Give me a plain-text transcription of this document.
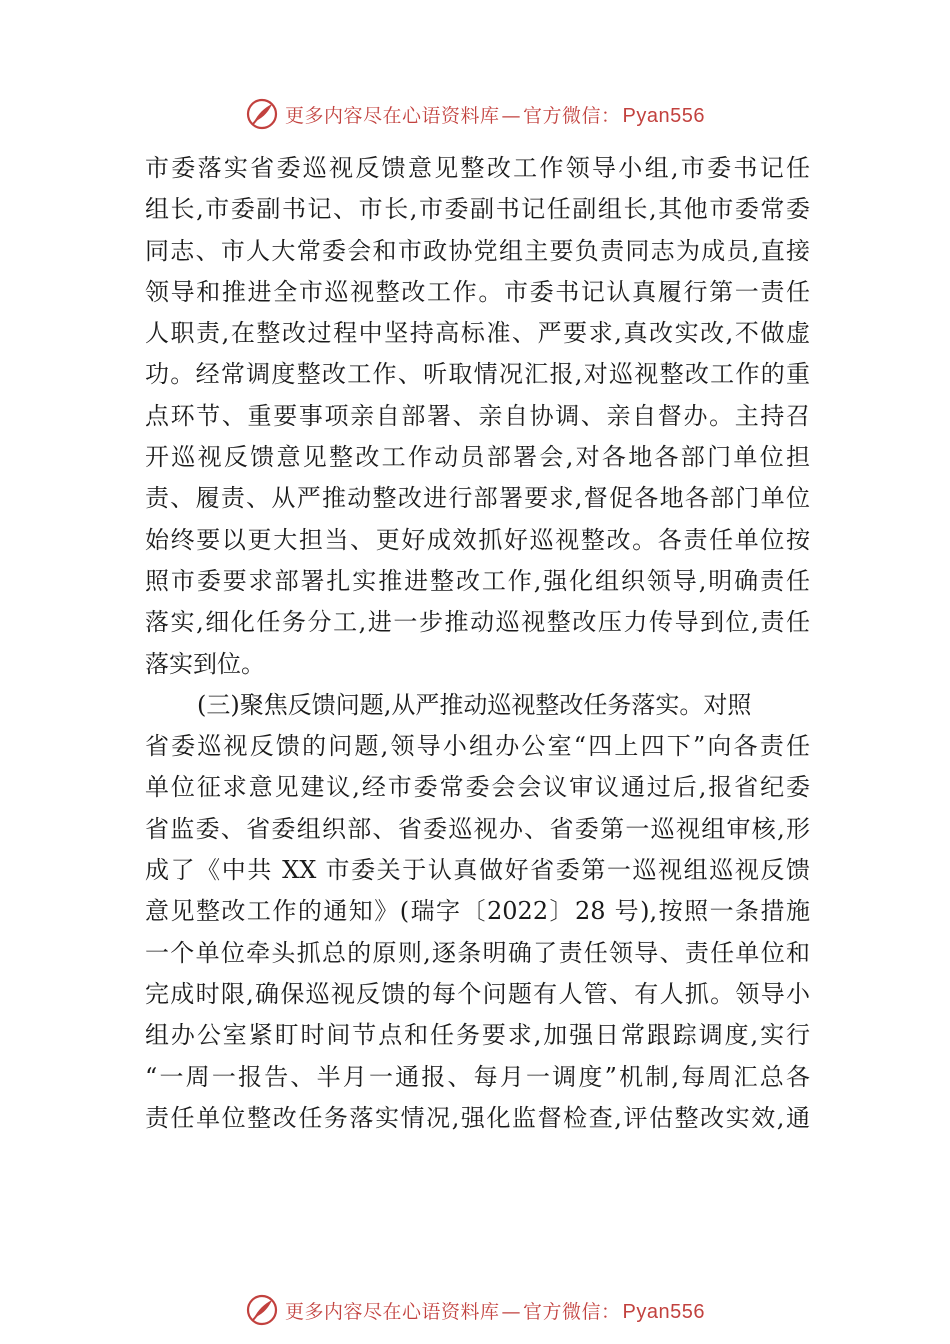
更多内容尽在心语资料库 — 官方微信： Pyan556
市委落实省委巡视反馈意见整改工作领导小组,市委书记任
组长,市委副书记、市长,市委副书记任副组长,其他市委常委
同志、市人大常委会和市政协党组主要负责同志为成员,直接
领导和推进全市巡视整改工作。市委书记认真履行第一责任
人职责,在整改过程中坚持高标准、严要求,真改实改,不做虚
功。经常调度整改工作、听取情况汇报,对巡视整改工作的重
点环节、重要事项亲自部署、亲自协调、亲自督办。主持召
开巡视反馈意见整改工作动员部署会,对各地各部门单位担
责、履责、从严推动整改进行部署要求,督促各地各部门单位
始终要以更大担当、更好成效抓好巡视整改。各责任单位按
照市委要求部署扎实推进整改工作,强化组织领导,明确责任
落实,细化任务分工,进一步推动巡视整改压力传导到位,责任
落实到位。
(三)聚焦反馈问题,从严推动巡视整改任务落实。对照
省委巡视反馈的问题,领导小组办公室“四上四下”向各责任
单位征求意见建议,经市委常委会会议审议通过后,报省纪委
省监委、省委组织部、省委巡视办、省委第一巡视组审核,形
成了《中共 XX 市委关于认真做好省委第一巡视组巡视反馈
意见整改工作的通知》(瑞字〔2022〕28 号),按照一条措施
一个单位牵头抓总的原则,逐条明确了责任领导、责任单位和
完成时限,确保巡视反馈的每个问题有人管、有人抓。领导小
组办公室紧盯时间节点和任务要求,加强日常跟踪调度,实行
“一周一报告、半月一通报、每月一调度”机制,每周汇总各
责任单位整改任务落实情况,强化监督检查,评估整改实效,通
更多内容尽在心语资料库 — 官方微信： Pyan556
